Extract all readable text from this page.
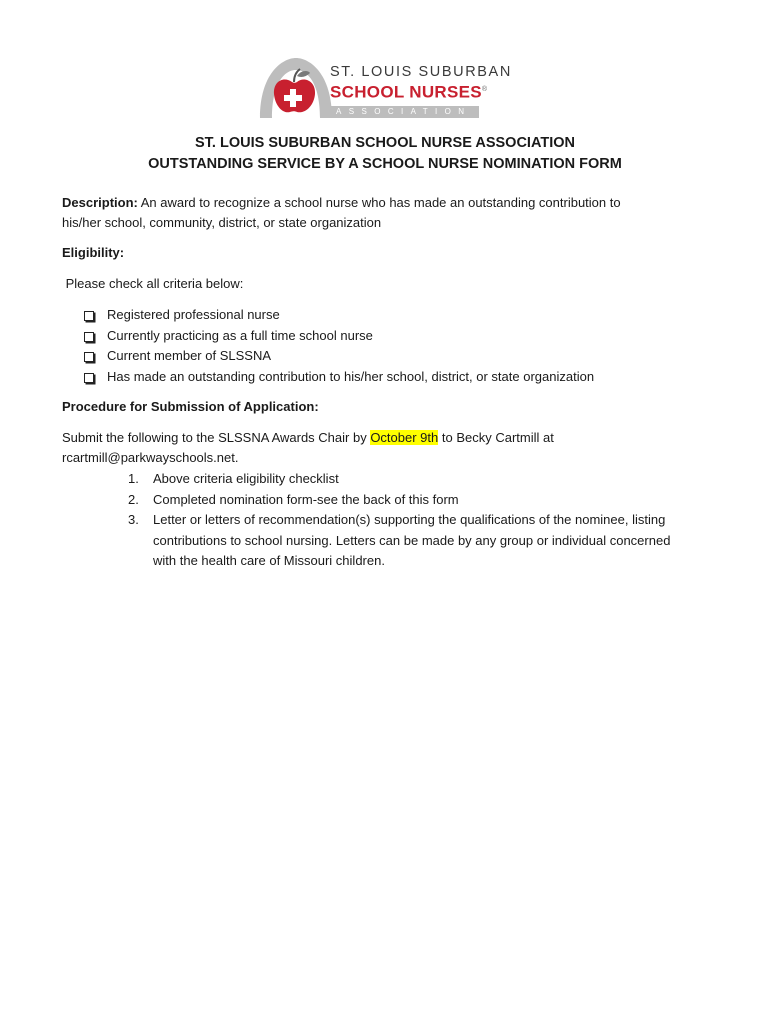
ST. LOUIS SUBURBAN
SCHOOL NURSES®
ASSOCIATION
ST. LOUIS SUBURBAN SCHOOL NURSE ASSOCIATION
OUTSTANDING SERVICE BY A SCHOOL NURSE NOMINATION FORM
Description: An award to recognize a school nurse who has made an outstanding contribution to
his/her school, community, district, or state organization
Eligibility:
Please check all criteria below:
Registered professional nurse
Currently practicing as a full time school nurse
Current member of SLSSNA
Has made an outstanding contribution to his/her school, district, or state organization
Procedure for Submission of Application:
Submit the following to the SLSSNA Awards Chair by October 9th to Becky Cartmill at
rcartmill@parkwayschools.net.
1. Above criteria eligibility checklist
2. Completed nomination form-see the back of this form
3. Letter or letters of recommendation(s) supporting the qualifications of the nominee, listing contributions to school nursing. Letters can be made by any group or individual concerned with the health care of Missouri children.
